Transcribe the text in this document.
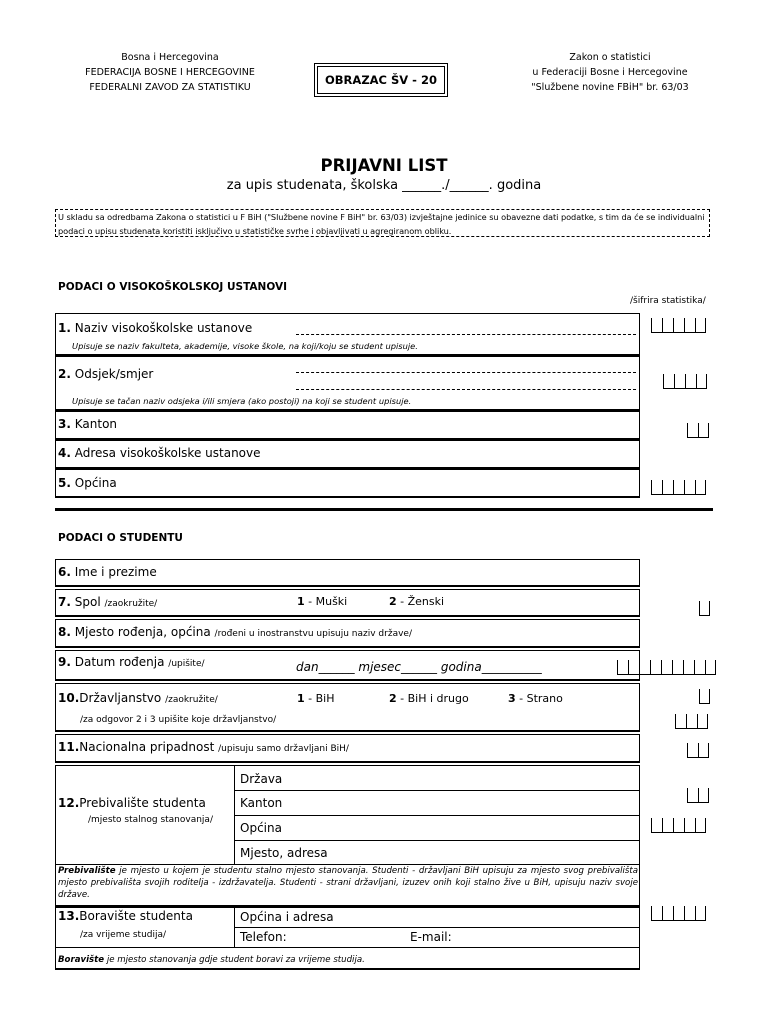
Bosna i Hercegovina
FEDERACIJA BOSNE I HERCEGOVINE
FEDERALNI ZAVOD ZA STATISTIKU
OBRAZAC ŠV - 20
Zakon o statistici
u Federaciji Bosne i Hercegovine
"Službene novine FBiH" br. 63/03
PRIJAVNI LIST
za upis studenata, školska ______./______. godina
U skladu sa odredbama Zakona o statistici u F BiH ("Službene novine F BiH" br. 63/03) izvještajne jedinice su obavezne dati podatke, s tim da će se individualni podaci o upisu studenata koristiti isključivo u statističke svrhe i objavljivati u agregiranom obliku.
PODACI O VISOKOŠKOLSKOJ USTANOVI
/šifrira statistika/
1. Naziv visokoškolske ustanove
Upisuje se naziv fakulteta, akademije, visoke škole, na koji/koju se student upisuje.
2. Odsjek/smjer
Upisuje se tačan naziv odsjeka i/ili smjera (ako postoji) na koji se student upisuje.
3. Kanton
4. Adresa visokoškolske ustanove
5. Općina
PODACI O STUDENTU
6. Ime i prezime
7. Spol /zaokružite/	1 - Muški	2 - Ženski
8. Mjesto rođenja, općina /rođeni u inostranstvu upisuju naziv države/
9. Datum rođenja /upišite/	dan______ mjesec______ godina__________
10.Državljanstvo /zaokružite/	1 - BiH	2 - BiH i drugo	3 - Strano
/za odgovor 2 i 3 upišite koje državljanstvo/
11.Nacionalna pripadnost /upisuju samo državljani BiH/
12.Prebivalište studenta
/mjesto stalnog stanovanja/
Država
Kanton
Općina
Mjesto, adresa
Prebivalište je mjesto u kojem je studentu stalno mjesto stanovanja. Studenti - državljani BiH upisuju za mjesto svog prebivališta mjesto prebivališta svojih roditelja - izdržavatelja. Studenti - strani državljani, izuzev onih koji stalno žive u BiH, upisuju naziv svoje države.
13.Boravište studenta
/za vrijeme studija/
Općina i adresa
Telefon:	E-mail:
Boravište je mjesto stanovanja gdje student boravi za vrijeme studija.
